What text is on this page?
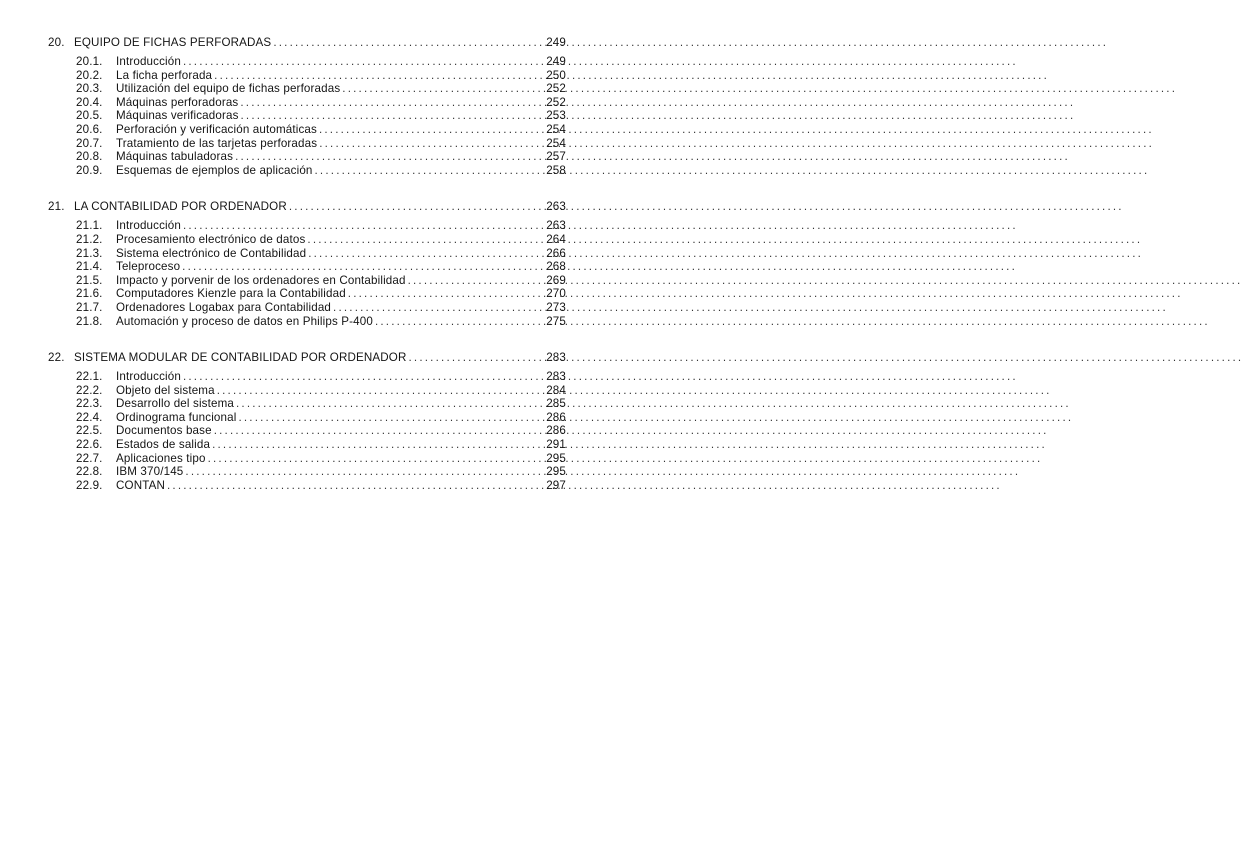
20. EQUIPO DE FICHAS PERFORADAS .....	249
20.1.	Introducción .....	249
20.2.	La ficha perforada .....	250
20.3.	Utilización del equipo de fichas perforadas .....	252
20.4.	Máquinas perforadoras .....	252
20.5.	Máquinas verificadoras .....	253
20.6.	Perforación y verificación automáticas .....	254
20.7.	Tratamiento de las tarjetas perforadas .....	254
20.8.	Máquinas tabuladoras .....	257
20.9.	Esquemas de ejemplos de aplicación .....	258
21. LA CONTABILIDAD POR ORDENADOR .....	263
21.1.	Introducción .....	263
21.2.	Procesamiento electrónico de datos .....	264
21.3.	Sistema electrónico de Contabilidad .....	266
21.4.	Teleproceso .....	268
21.5.	Impacto y porvenir de los ordenadores en Contabilidad .....	269
21.6.	Computadores Kienzle para la Contabilidad .....	270
21.7.	Ordenadores Logabax para Contabilidad .....	273
21.8.	Automación y proceso de datos en Philips P-400 .....	275
22. SISTEMA MODULAR DE CONTABILIDAD POR ORDENADOR .....	283
22.1.	Introducción .....	283
22.2.	Objeto del sistema .....	284
22.3.	Desarrollo del sistema .....	285
22.4.	Ordinograma funcional .....	286
22.5.	Documentos base .....	286
22.6.	Estados de salida .....	291
22.7.	Aplicaciones tipo .....	295
22.8.	IBM 370/145 .....	295
22.9.	CONTAN .....	297
